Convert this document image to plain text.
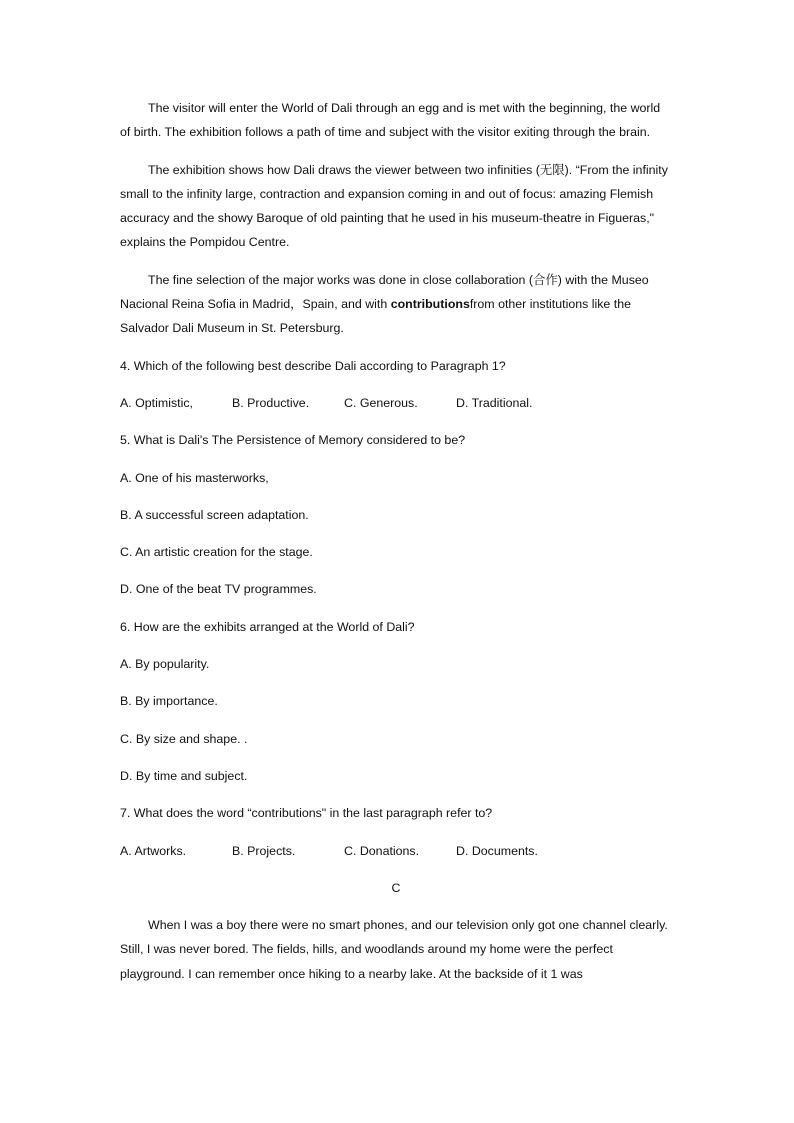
The visitor will enter the World of Dali through an egg and is met with the beginning, the world of birth. The exhibition follows a path of time and subject with the visitor exiting through the brain.

The exhibition shows how Dali draws the viewer between two infinities (无限). “From the infinity small to the infinity large, contraction and expansion coming in and out of focus: amazing Flemish accuracy and the showy Baroque of old painting that he used in his museum-theatre in Figueras," explains the Pompidou Centre.

The fine selection of the major works was done in close collaboration (合作) with the Museo Nacional Reina Sofia in Madrid，Spain, and with contributionsfrom other institutions like the Salvador Dali Museum in St. Petersburg.

4. Which of the following best describe Dali according to Paragraph 1?
A. Optimistic,	B. Productive.	C. Generous.	D. Traditional.
5. What is Dali's The Persistence of Memory considered to be?
A. One of his masterworks,
B. A successful screen adaptation.
C. An artistic creation for the stage.
D. One of the beat TV programmes.
6. How are the exhibits arranged at the World of Dali?
A. By popularity.
B. By importance.
C. By size and shape. .
D. By time and subject.
7. What does the word “contributions" in the last paragraph refer to?
A. Artworks.	B. Projects.	C. Donations.	D. Documents.
C

When I was a boy there were no smart phones, and our television only got one channel clearly. Still, I was never bored. The fields, hills, and woodlands around my home were the perfect playground. I can remember once hiking to a nearby lake. At the backside of it 1 was
